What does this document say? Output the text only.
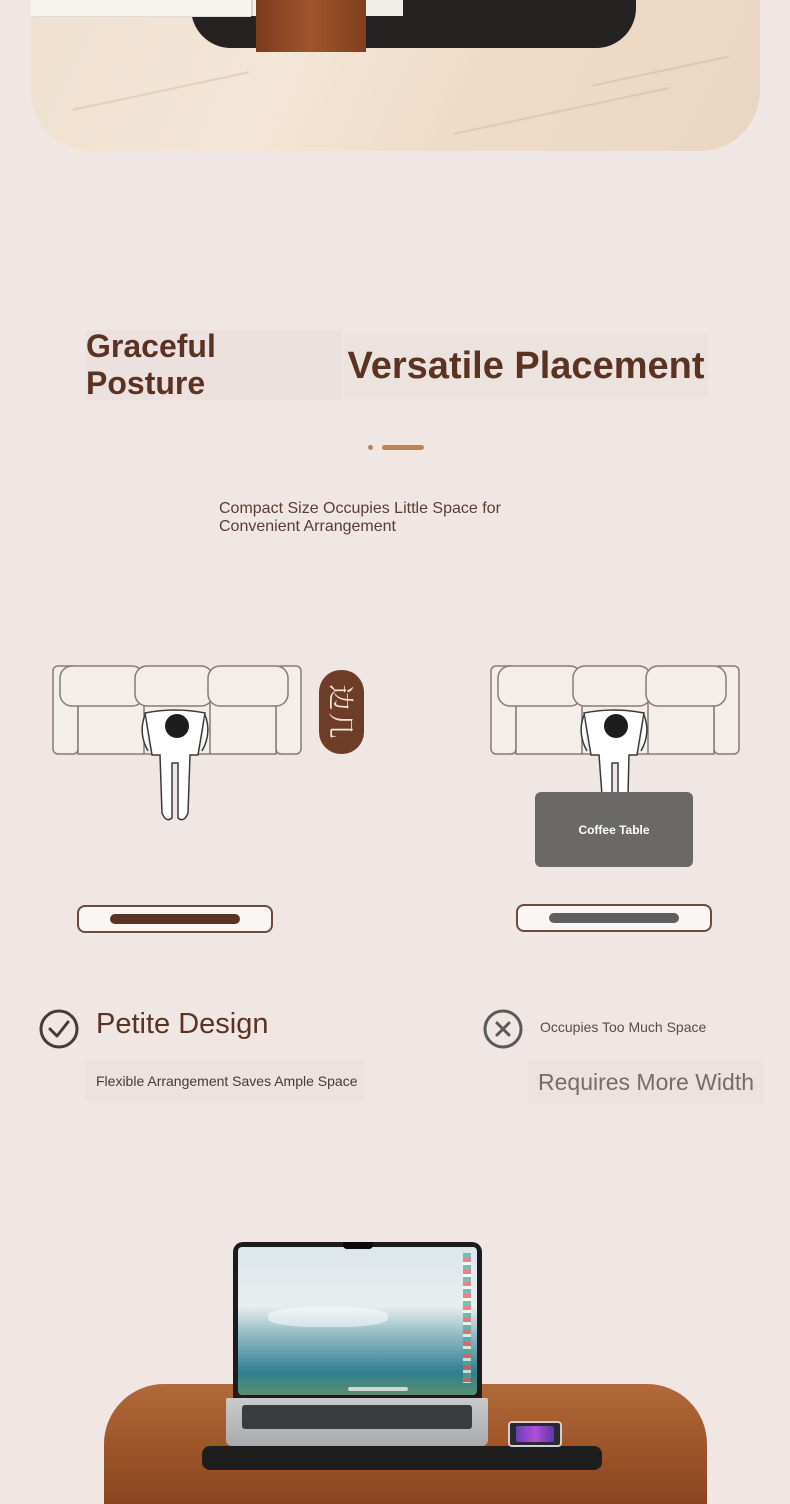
Graceful Posture	Versatile Placement
Compact Size Occupies Little Space for Convenient Arrangement
边几
Coffee Table
Petite Design
Flexible Arrangement Saves Ample Space
Occupies Too Much Space
Requires More Width
